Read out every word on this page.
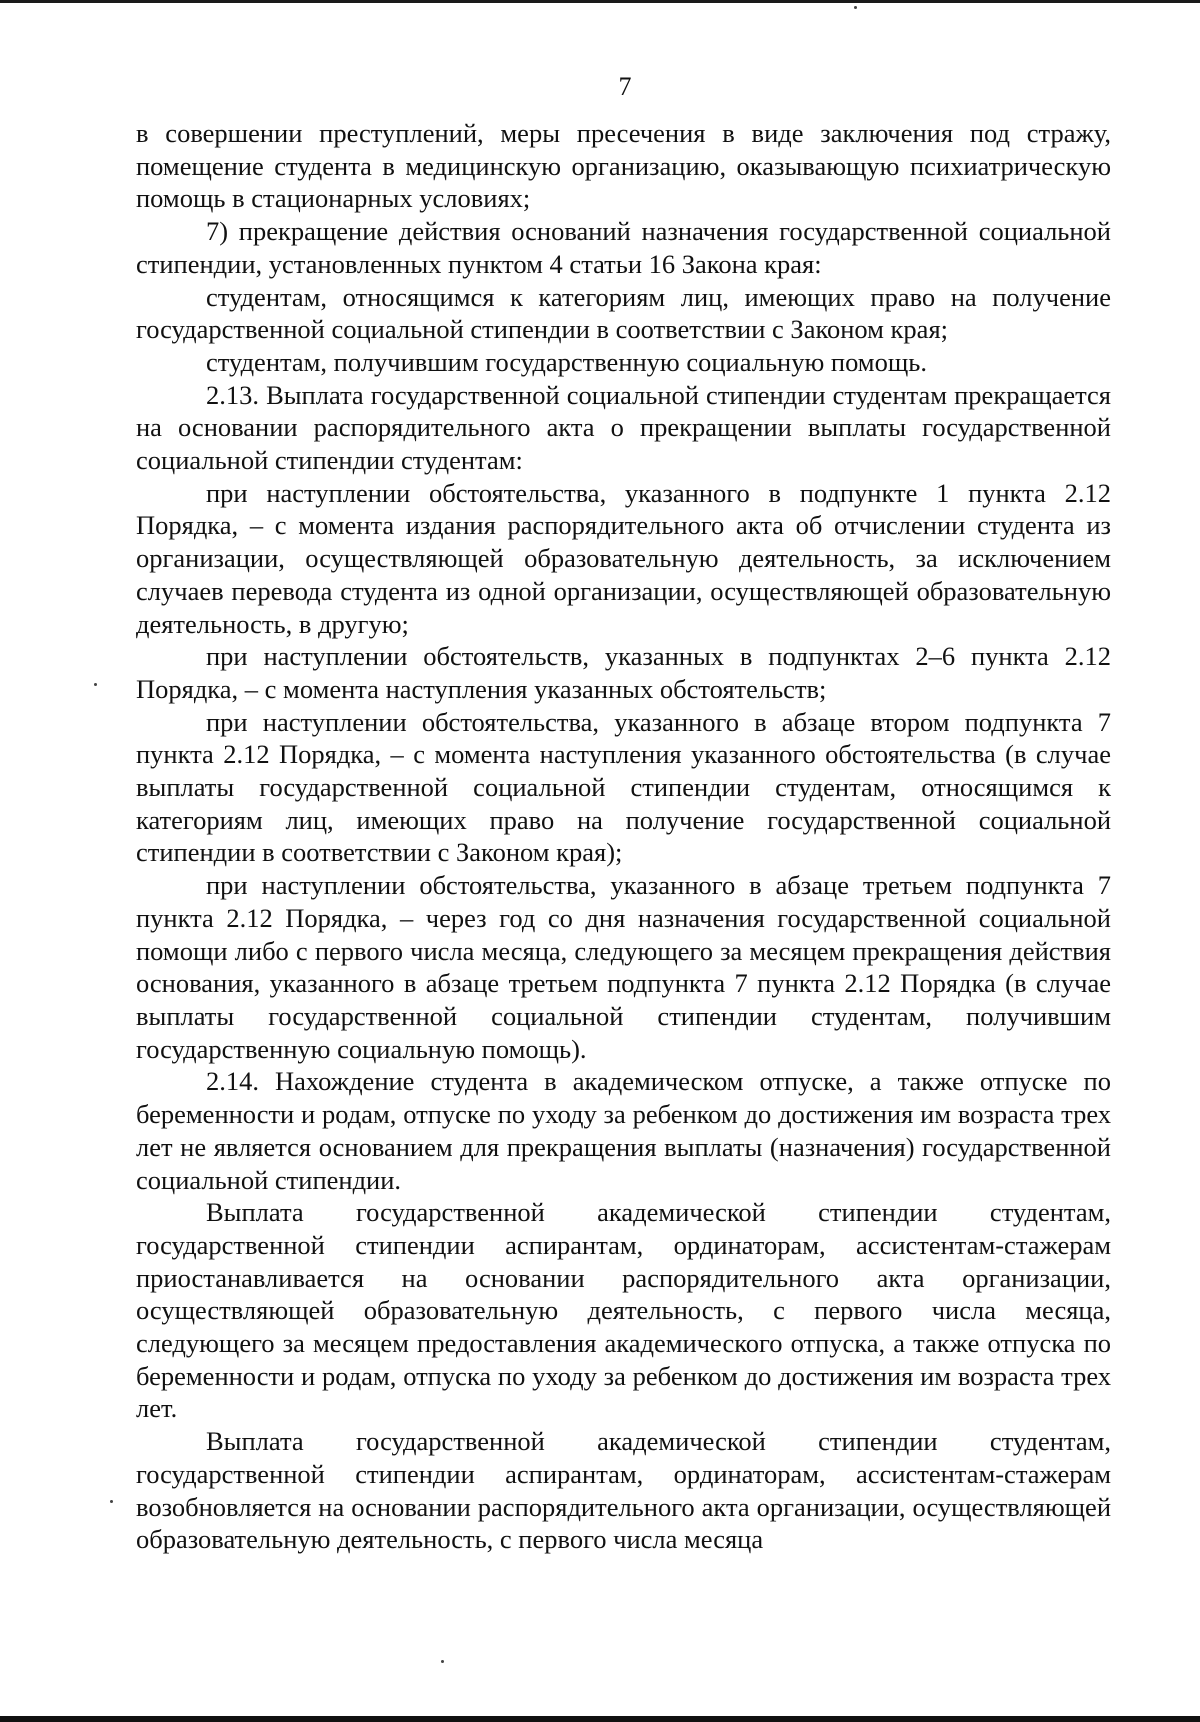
7

в совершении преступлений, меры пресечения в виде заключения под стражу, помещение студента в медицинскую организацию, оказывающую психиатрическую помощь в стационарных условиях;

7) прекращение действия оснований назначения государственной социальной стипендии, установленных пунктом 4 статьи 16 Закона края:

студентам, относящимся к категориям лиц, имеющих право на получение государственной социальной стипендии в соответствии с Законом края;

студентам, получившим государственную социальную помощь.

2.13. Выплата государственной социальной стипендии студентам прекращается на основании распорядительного акта о прекращении выплаты государственной социальной стипендии студентам:

при наступлении обстоятельства, указанного в подпункте 1 пункта 2.12 Порядка, – с момента издания распорядительного акта об отчислении студента из организации, осуществляющей образовательную деятельность, за исключением случаев перевода студента из одной организации, осуществляющей образовательную деятельность, в другую;

при наступлении обстоятельств, указанных в подпунктах 2–6 пункта 2.12 Порядка, – с момента наступления указанных обстоятельств;

при наступлении обстоятельства, указанного в абзаце втором подпункта 7 пункта 2.12 Порядка, – с момента наступления указанного обстоятельства (в случае выплаты государственной социальной стипендии студентам, относящимся к категориям лиц, имеющих право на получение государственной социальной стипендии в соответствии с Законом края);

при наступлении обстоятельства, указанного в абзаце третьем подпункта 7 пункта 2.12 Порядка, – через год со дня назначения государственной социальной помощи либо с первого числа месяца, следующего за месяцем прекращения действия основания, указанного в абзаце третьем подпункта 7 пункта 2.12 Порядка (в случае выплаты государственной социальной стипендии студентам, получившим государственную социальную помощь).

2.14. Нахождение студента в академическом отпуске, а также отпуске по беременности и родам, отпуске по уходу за ребенком до достижения им возраста трех лет не является основанием для прекращения выплаты (назначения) государственной социальной стипендии.

Выплата государственной академической стипендии студентам, государственной стипендии аспирантам, ординаторам, ассистентам-стажерам приостанавливается на основании распорядительного акта организации, осуществляющей образовательную деятельность, с первого числа месяца, следующего за месяцем предоставления академического отпуска, а также отпуска по беременности и родам, отпуска по уходу за ребенком до достижения им возраста трех лет.

Выплата государственной академической стипендии студентам, государственной стипендии аспирантам, ординаторам, ассистентам-стажерам возобновляется на основании распорядительного акта организации, осуществляющей образовательную деятельность, с первого числа месяца
